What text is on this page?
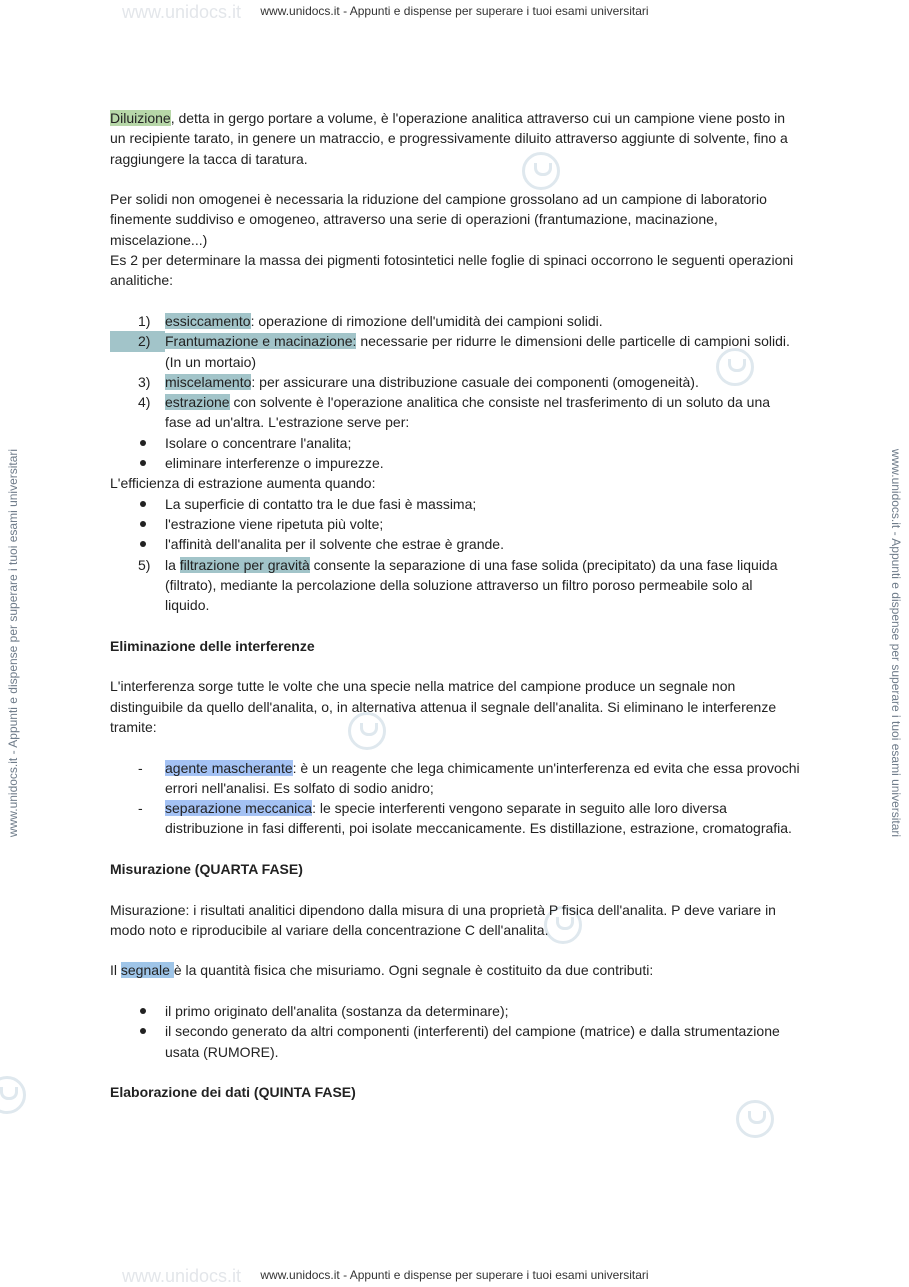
www.unidocs.it - Appunti e dispense per superare i tuoi esami universitari
www.unidocs.it - Appunti e dispense per superare i tuoi esami universitari
www.unidocs.it - Appunti e dispense per superare i tuoi esami universitari	www.unidocs.it - Appunti e dispense per superare i tuoi esami universitari
www.unidocs.it
www.unidocs.it

Diluizione, detta in gergo portare a volume, è l'operazione analitica attraverso cui un campione viene posto in un recipiente tarato, in genere un matraccio, e progressivamente diluito attraverso aggiunte di solvente, fino a raggiungere la tacca di taratura.

Per solidi non omogenei è necessaria la riduzione del campione grossolano ad un campione di laboratorio finemente suddiviso e omogeneo, attraverso una serie di operazioni (frantumazione, macinazione, miscelazione...)

Es 2 per determinare la massa dei pigmenti fotosintetici nelle foglie di spinaci occorrono le seguenti operazioni analitiche:

1) essiccamento: operazione di rimozione dell'umidità dei campioni solidi.
2)	Frantumazione e macinazione: necessarie per ridurre le dimensioni delle particelle di campioni solidi. (In un mortaio)
3) miscelamento: per assicurare una distribuzione casuale dei componenti (omogeneità).
4) estrazione con solvente è l'operazione analitica che consiste nel trasferimento di un soluto da una fase ad un'altra. L'estrazione serve per:
Isolare o concentrare l'analita;
eliminare interferenze o impurezze.

L'efficienza di estrazione aumenta quando:

La superficie di contatto tra le due fasi è massima;
l'estrazione viene ripetuta più volte;
l'affinità dell'analita per il solvente che estrae è grande.
5) la filtrazione per gravità consente la separazione di una fase solida (precipitato) da una fase liquida (filtrato), mediante la percolazione della soluzione attraverso un filtro poroso permeabile solo al liquido.

Eliminazione delle interferenze

L'interferenza sorge tutte le volte che una specie nella matrice del campione produce un segnale non distinguibile da quello dell'analita, o, in alternativa attenua il segnale dell'analita. Si eliminano le interferenze tramite:

- agente mascherante: è un reagente che lega chimicamente un'interferenza ed evita che essa provochi errori nell'analisi. Es solfato di sodio anidro;
- separazione meccanica: le specie interferenti vengono separate in seguito alle loro diversa distribuzione in fasi differenti, poi isolate meccanicamente. Es distillazione, estrazione, cromatografia.

Misurazione (QUARTA FASE)

Misurazione: i risultati analitici dipendono dalla misura di una proprietà P fisica dell'analita. P deve variare in modo noto e riproducibile al variare della concentrazione C dell'analita.

Il segnale è la quantità fisica che misuriamo. Ogni segnale è costituito da due contributi:

il primo originato dell'analita (sostanza da determinare);
il secondo generato da altri componenti (interferenti) del campione (matrice) e dalla strumentazione usata (RUMORE).

Elaborazione dei dati (QUINTA FASE)
